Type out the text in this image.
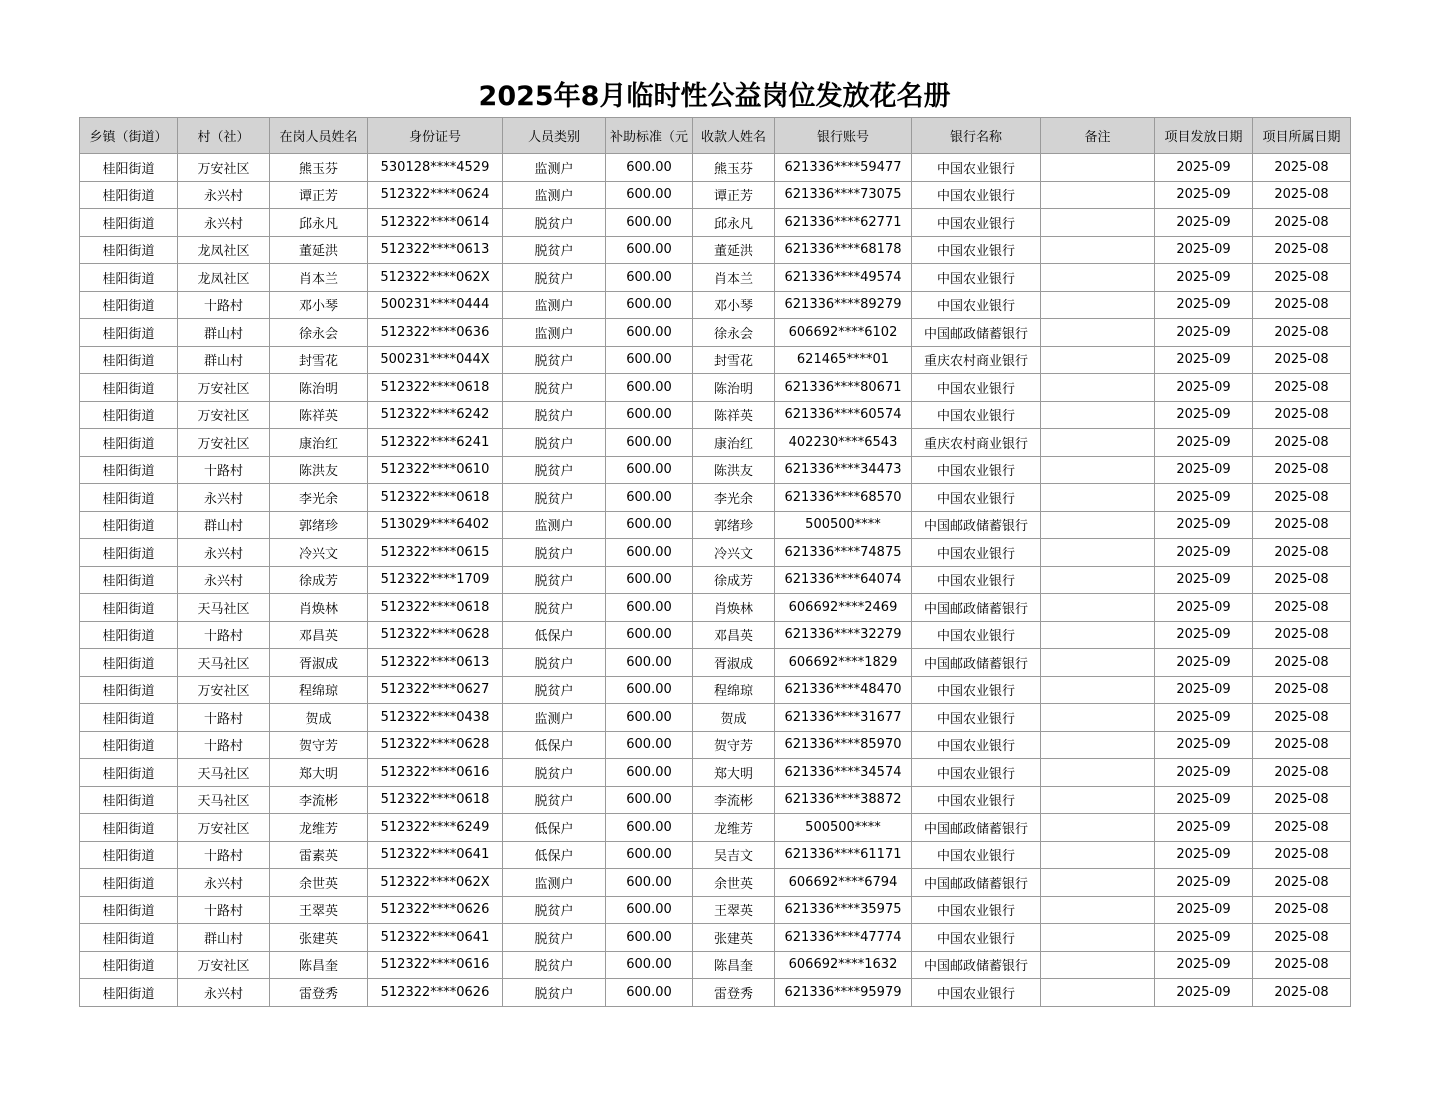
2025年8月临时性公益岗位发放花名册
乡镇（街道）	村（社）	在岗人员姓名	身份证号	人员类别	补助标准（元	收款人姓名	银行账号	银行名称	备注	项目发放日期	项目所属日期
桂阳街道	万安社区	熊玉芬	530128****4529	监测户	600.00	熊玉芬	621336****59477	中国农业银行		2025-09	2025-08
桂阳街道	永兴村	谭正芳	512322****0624	监测户	600.00	谭正芳	621336****73075	中国农业银行		2025-09	2025-08
桂阳街道	永兴村	邱永凡	512322****0614	脱贫户	600.00	邱永凡	621336****62771	中国农业银行		2025-09	2025-08
桂阳街道	龙凤社区	董延洪	512322****0613	脱贫户	600.00	董延洪	621336****68178	中国农业银行		2025-09	2025-08
桂阳街道	龙凤社区	肖本兰	512322****062X	脱贫户	600.00	肖本兰	621336****49574	中国农业银行		2025-09	2025-08
桂阳街道	十路村	邓小琴	500231****0444	监测户	600.00	邓小琴	621336****89279	中国农业银行		2025-09	2025-08
桂阳街道	群山村	徐永会	512322****0636	监测户	600.00	徐永会	606692****6102	中国邮政储蓄银行		2025-09	2025-08
桂阳街道	群山村	封雪花	500231****044X	脱贫户	600.00	封雪花	621465****01	重庆农村商业银行		2025-09	2025-08
桂阳街道	万安社区	陈治明	512322****0618	脱贫户	600.00	陈治明	621336****80671	中国农业银行		2025-09	2025-08
桂阳街道	万安社区	陈祥英	512322****6242	脱贫户	600.00	陈祥英	621336****60574	中国农业银行		2025-09	2025-08
桂阳街道	万安社区	康治红	512322****6241	脱贫户	600.00	康治红	402230****6543	重庆农村商业银行		2025-09	2025-08
桂阳街道	十路村	陈洪友	512322****0610	脱贫户	600.00	陈洪友	621336****34473	中国农业银行		2025-09	2025-08
桂阳街道	永兴村	李光余	512322****0618	脱贫户	600.00	李光余	621336****68570	中国农业银行		2025-09	2025-08
桂阳街道	群山村	郭绪珍	513029****6402	监测户	600.00	郭绪珍	500500****	中国邮政储蓄银行		2025-09	2025-08
桂阳街道	永兴村	冷兴文	512322****0615	脱贫户	600.00	冷兴文	621336****74875	中国农业银行		2025-09	2025-08
桂阳街道	永兴村	徐成芳	512322****1709	脱贫户	600.00	徐成芳	621336****64074	中国农业银行		2025-09	2025-08
桂阳街道	天马社区	肖焕林	512322****0618	脱贫户	600.00	肖焕林	606692****2469	中国邮政储蓄银行		2025-09	2025-08
桂阳街道	十路村	邓昌英	512322****0628	低保户	600.00	邓昌英	621336****32279	中国农业银行		2025-09	2025-08
桂阳街道	天马社区	胥淑成	512322****0613	脱贫户	600.00	胥淑成	606692****1829	中国邮政储蓄银行		2025-09	2025-08
桂阳街道	万安社区	程绵琼	512322****0627	脱贫户	600.00	程绵琼	621336****48470	中国农业银行		2025-09	2025-08
桂阳街道	十路村	贺成	512322****0438	监测户	600.00	贺成	621336****31677	中国农业银行		2025-09	2025-08
桂阳街道	十路村	贺守芳	512322****0628	低保户	600.00	贺守芳	621336****85970	中国农业银行		2025-09	2025-08
桂阳街道	天马社区	郑大明	512322****0616	脱贫户	600.00	郑大明	621336****34574	中国农业银行		2025-09	2025-08
桂阳街道	天马社区	李流彬	512322****0618	脱贫户	600.00	李流彬	621336****38872	中国农业银行		2025-09	2025-08
桂阳街道	万安社区	龙维芳	512322****6249	低保户	600.00	龙维芳	500500****	中国邮政储蓄银行		2025-09	2025-08
桂阳街道	十路村	雷素英	512322****0641	低保户	600.00	吴吉文	621336****61171	中国农业银行		2025-09	2025-08
桂阳街道	永兴村	余世英	512322****062X	监测户	600.00	余世英	606692****6794	中国邮政储蓄银行		2025-09	2025-08
桂阳街道	十路村	王翠英	512322****0626	脱贫户	600.00	王翠英	621336****35975	中国农业银行		2025-09	2025-08
桂阳街道	群山村	张建英	512322****0641	脱贫户	600.00	张建英	621336****47774	中国农业银行		2025-09	2025-08
桂阳街道	万安社区	陈昌奎	512322****0616	脱贫户	600.00	陈昌奎	606692****1632	中国邮政储蓄银行		2025-09	2025-08
桂阳街道	永兴村	雷登秀	512322****0626	脱贫户	600.00	雷登秀	621336****95979	中国农业银行		2025-09	2025-08
